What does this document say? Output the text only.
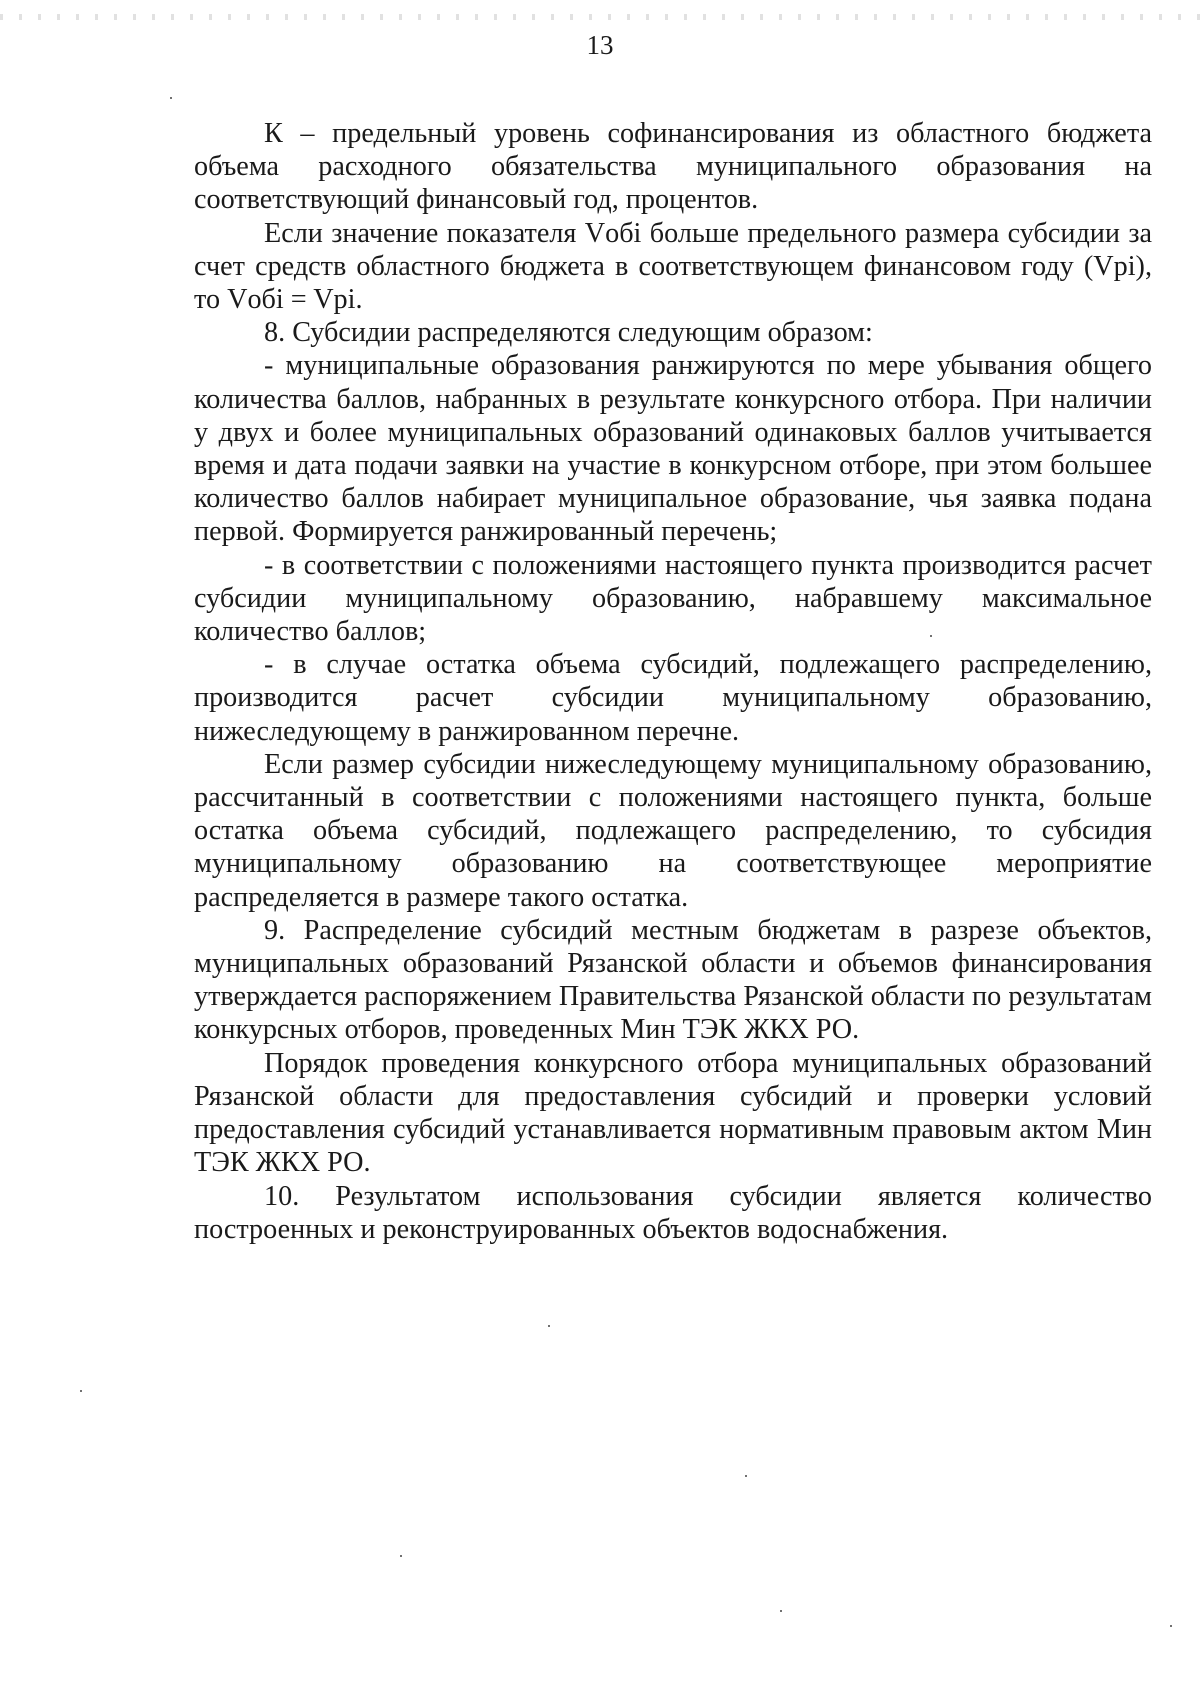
13

К – предельный уровень софинансирования из областного бюджета объема расходного обязательства муниципального образования на соответствующий финансовый год, процентов.

Если значение показателя Vобi больше предельного размера субсидии за счет средств областного бюджета в соответствующем финансовом году (Vрi), то Vобi = Vрi.

8. Субсидии распределяются следующим образом:

- муниципальные образования ранжируются по мере убывания общего количества баллов, набранных в результате конкурсного отбора. При наличии у двух и более муниципальных образований одинаковых баллов учитывается время и дата подачи заявки на участие в конкурсном отборе, при этом большее количество баллов набирает муниципальное образование, чья заявка подана первой. Формируется ранжированный перечень;

- в соответствии с положениями настоящего пункта производится расчет субсидии муниципальному образованию, набравшему максимальное количество баллов;

- в случае остатка объема субсидий, подлежащего распределению, производится расчет субсидии муниципальному образованию, нижеследующему в ранжированном перечне.

Если размер субсидии нижеследующему муниципальному образованию, рассчитанный в соответствии с положениями настоящего пункта, больше остатка объема субсидий, подлежащего распределению, то субсидия муниципальному образованию на соответствующее мероприятие распределяется в размере такого остатка.

9. Распределение субсидий местным бюджетам в разрезе объектов, муниципальных образований Рязанской области и объемов финансирования утверждается распоряжением Правительства Рязанской области по результатам конкурсных отборов, проведенных Мин ТЭК ЖКХ РО.

Порядок проведения конкурсного отбора муниципальных образований Рязанской области для предоставления субсидий и проверки условий предоставления субсидий устанавливается нормативным правовым актом Мин ТЭК ЖКХ РО.

10. Результатом использования субсидии является количество построенных и реконструированных объектов водоснабжения.
